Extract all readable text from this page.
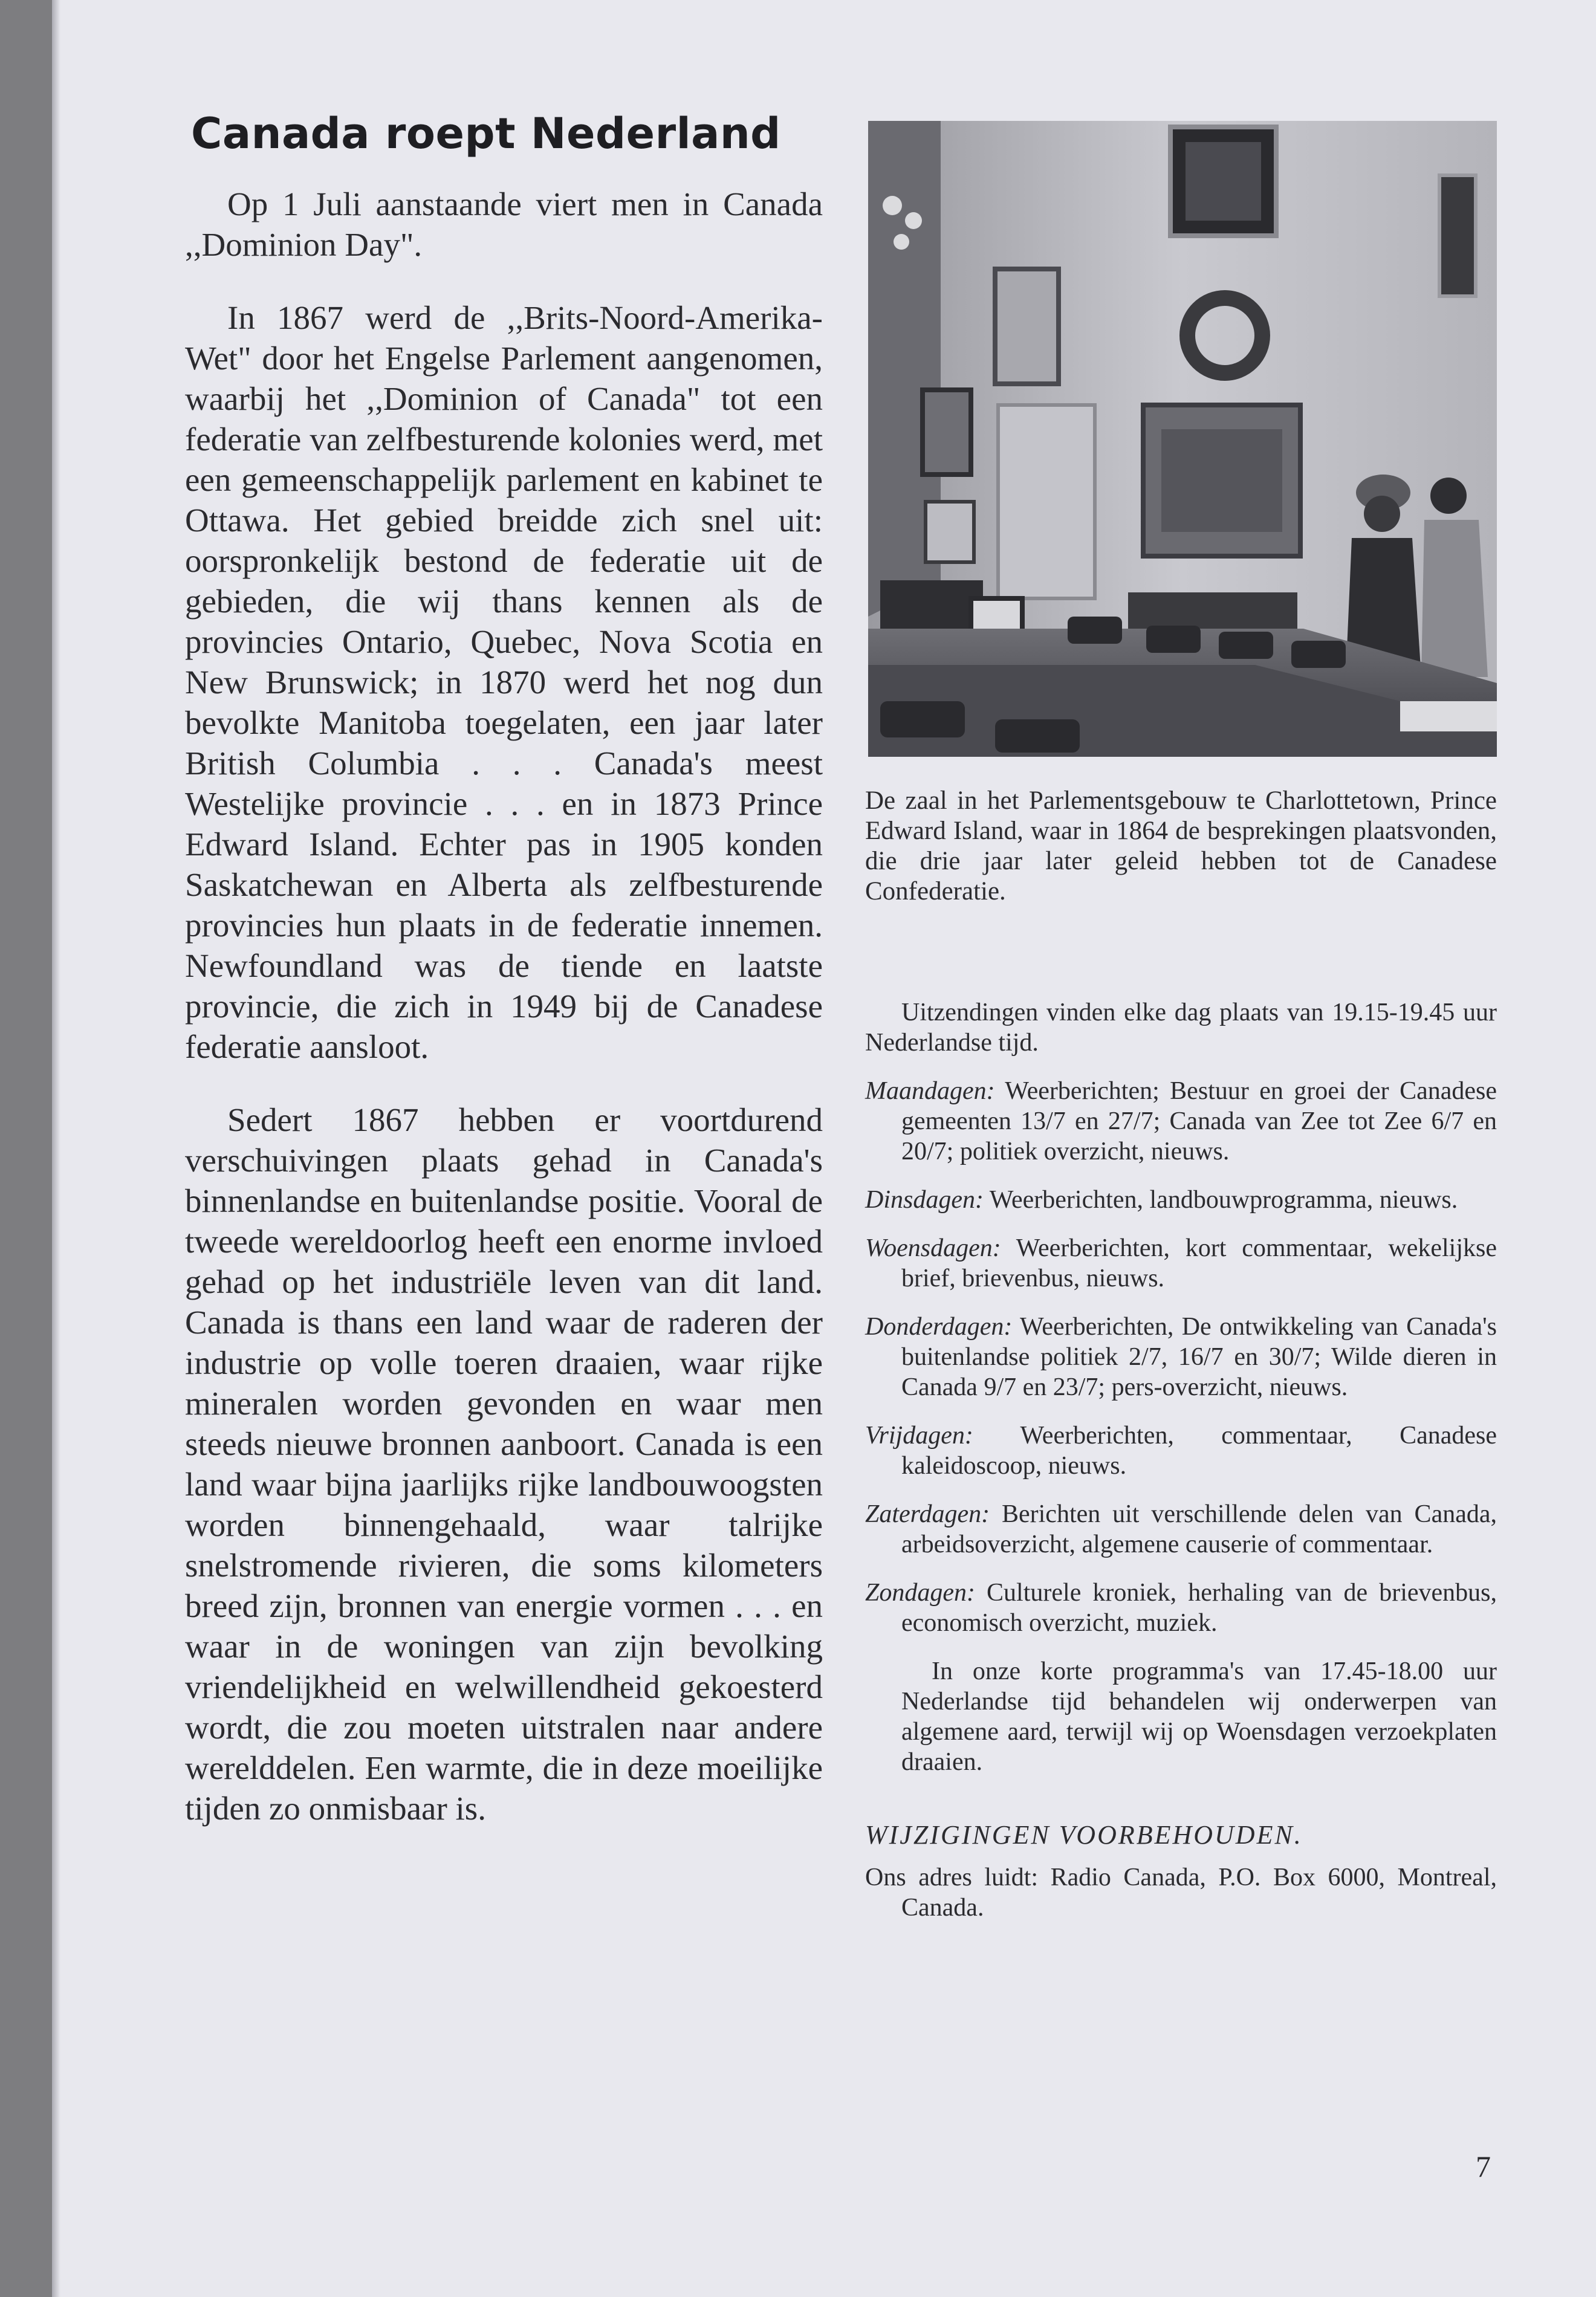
Canada roept Nederland

Op 1 Juli aanstaande viert men in Canada ,,Dominion Day".

In 1867 werd de ,,Brits-Noord-Amerika-Wet" door het Engelse Parlement aangenomen, waarbij het ,,Dominion of Canada" tot een federatie van zelfbesturende kolonies werd, met een gemeenschappelijk parlement en kabinet te Ottawa. Het gebied breidde zich snel uit: oorspronkelijk bestond de federatie uit de gebieden, die wij thans kennen als de provincies Ontario, Quebec, Nova Scotia en New Brunswick; in 1870 werd het nog dun bevolkte Manitoba toegelaten, een jaar later British Columbia . . . Canada's meest Westelijke provincie . . . en in 1873 Prince Edward Island. Echter pas in 1905 konden Saskatchewan en Alberta als zelfbesturende provincies hun plaats in de federatie innemen. Newfoundland was de tiende en laatste provincie, die zich in 1949 bij de Canadese federatie aansloot.

Sedert 1867 hebben er voortdurend verschuivingen plaats gehad in Canada's binnenlandse en buitenlandse positie. Vooral de tweede wereldoorlog heeft een enorme invloed gehad op het industriële leven van dit land. Canada is thans een land waar de raderen der industrie op volle toeren draaien, waar rijke mineralen worden gevonden en waar men steeds nieuwe bronnen aanboort. Canada is een land waar bijna jaarlijks rijke landbouwoogsten worden binnengehaald, waar talrijke snelstromende rivieren, die soms kilometers breed zijn, bronnen van energie vormen . . . en waar in de woningen van zijn bevolking vriendelijkheid en welwillendheid gekoesterd wordt, die zou moeten uitstralen naar andere werelddelen. Een warmte, die in deze moeilijke tijden zo onmisbaar is.

De zaal in het Parlementsgebouw te Charlottetown, Prince Edward Island, waar in 1864 de besprekingen plaatsvonden, die drie jaar later geleid hebben tot de Canadese Confederatie.

Uitzendingen vinden elke dag plaats van 19.15-19.45 uur Nederlandse tijd.

Maandagen: Weerberichten; Bestuur en groei der Canadese gemeenten 13/7 en 27/7; Canada van Zee tot Zee 6/7 en 20/7; politiek overzicht, nieuws.

Dinsdagen: Weerberichten, landbouwprogramma, nieuws.

Woensdagen: Weerberichten, kort commentaar, wekelijkse brief, brievenbus, nieuws.

Donderdagen: Weerberichten, De ontwikkeling van Canada's buitenlandse politiek 2/7, 16/7 en 30/7; Wilde dieren in Canada 9/7 en 23/7; pers-overzicht, nieuws.

Vrijdagen: Weerberichten, commentaar, Canadese kaleidoscoop, nieuws.

Zaterdagen: Berichten uit verschillende delen van Canada, arbeidsoverzicht, algemene causerie of commentaar.

Zondagen: Culturele kroniek, herhaling van de brievenbus, economisch overzicht, muziek.

In onze korte programma's van 17.45-18.00 uur Nederlandse tijd behandelen wij onderwerpen van algemene aard, terwijl wij op Woensdagen verzoekplaten draaien.

WIJZIGINGEN VOORBEHOUDEN.

Ons adres luidt: Radio Canada, P.O. Box 6000, Montreal, Canada.

7
